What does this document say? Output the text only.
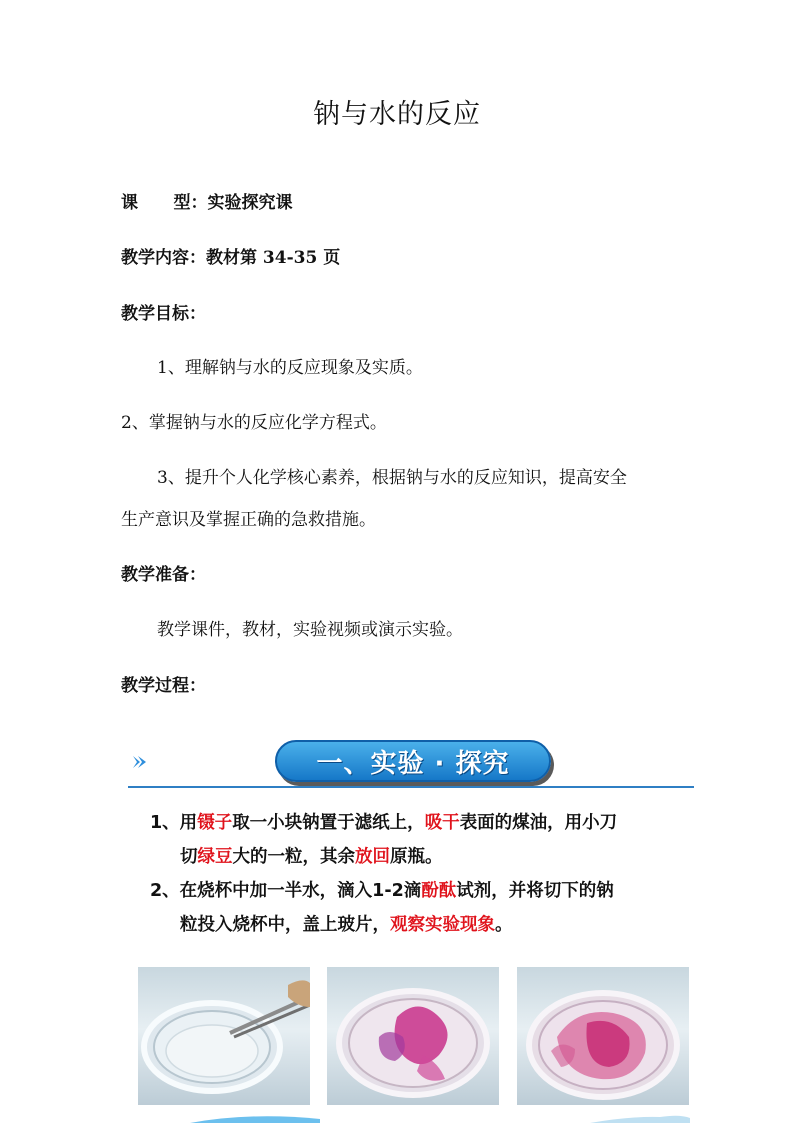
钠与水的反应
课      型：实验探究课
教学内容：教材第 34-35 页
教学目标：
1、理解钠与水的反应现象及实质。
2、掌握钠与水的反应化学方程式。
3、提升个人化学核心素养，根据钠与水的反应知识，提高安全
生产意识及掌握正确的急救措施。
教学准备：
教学课件，教材，实验视频或演示实验。
教学过程：
一、实验 · 探究
1、用镊子取一小块钠置于滤纸上，吸干表面的煤油，用小刀
切绿豆大的一粒，其余放回原瓶。
2、在烧杯中加一半水，滴入1-2滴酚酞试剂，并将切下的钠
粒投入烧杯中，盖上玻片，观察实验现象。
